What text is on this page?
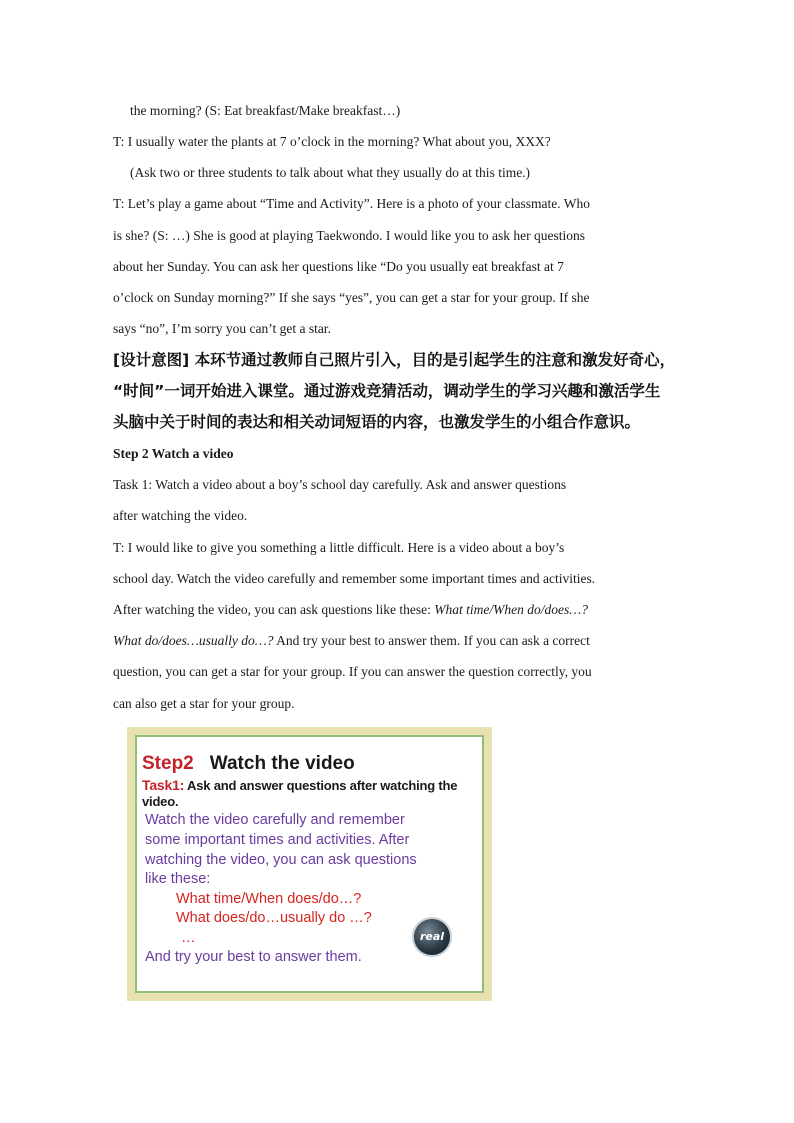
the morning? (S: Eat breakfast/Make breakfast…)
T: I usually water the plants at 7 o’clock in the morning? What about you, XXX?
(Ask two or three students to talk about what they usually do at this time.)
T: Let’s play a game about “Time and Activity”. Here is a photo of your classmate. Who
is she? (S: …) She is good at playing Taekwondo. I would like you to ask her questions
about her Sunday. You can ask her questions like “Do you usually eat breakfast at 7
o’clock on Sunday morning?” If she says “yes”, you can get a star for your group. If she
says “no”, I’m sorry you can’t get a star.
[设计意图] 本环节通过教师自己照片引入，目的是引起学生的注意和激发好奇心，
“时间”一词开始进入课堂。通过游戏竞猜活动，调动学生的学习兴趣和激活学生
头脑中关于时间的表达和相关动词短语的内容，也激发学生的小组合作意识。
Step 2 Watch a video
Task 1: Watch a video about a boy’s school day carefully. Ask and answer questions
after watching the video.
T: I would like to give you something a little difficult. Here is a video about a boy’s
school day. Watch the video carefully and remember some important times and activities.
After watching the video, you can ask questions like these: What time/When do/does…?
What do/does…usually do…? And try your best to answer them. If you can ask a correct
question, you can get a star for your group. If you can answer the question correctly, you
can also get a star for your group.
Step2 Watch the video
Task1: Ask and answer questions after watching the video.
Watch the video carefully and remember
some important times and activities. After
watching the video, you can ask questions
like these:
What time/When does/do…?
What does/do…usually do …?
…
And try your best to answer them.
real
